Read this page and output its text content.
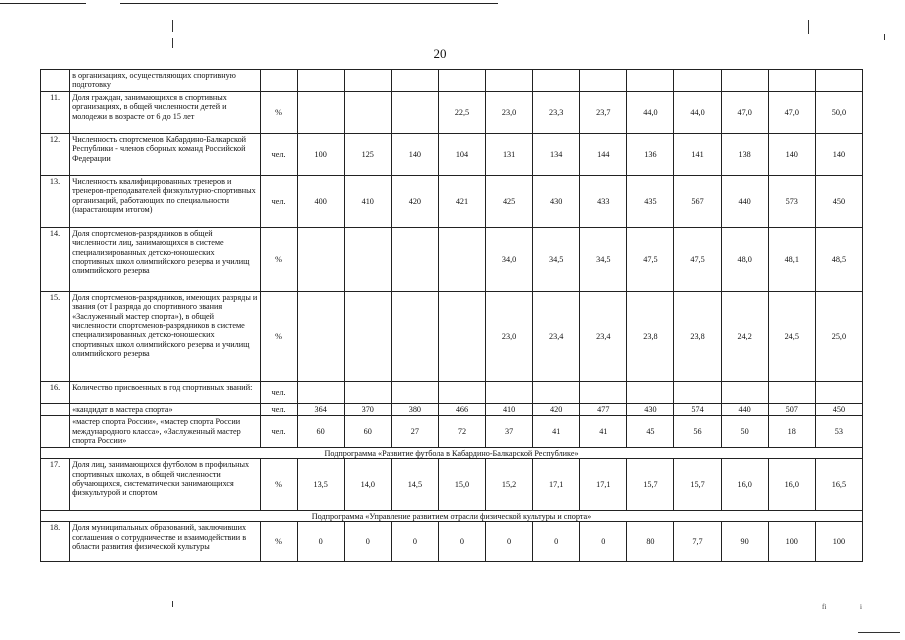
20
	в организациях, осуществляющих спортивную подготовку													
11.	Доля граждан, занимающихся в спортивных организациях, в общей численности детей и молодежи в возрасте от 6 до 15 лет	%				22,5	23,0	23,3	23,7	44,0	44,0	47,0	47,0	50,0
12.	Численность спортсменов Кабардино-Балкарской Республики - членов сборных команд Российской Федерации	чел.	100	125	140	104	131	134	144	136	141	138	140	140
13.	Численность квалифицированных тренеров и тренеров-преподавателей физкультурно-спортивных организаций, работающих по специальности (нарастающим итогом)	чел.	400	410	420	421	425	430	433	435	567	440	573	450
14.	Доля спортсменов-разрядников в общей численности лиц, занимающихся в системе специализированных детско-юношеских спортивных школ олимпийского резерва и училищ олимпийского резерва	%					34,0	34,5	34,5	47,5	47,5	48,0	48,1	48,5
15.	Доля спортсменов-разрядников, имеющих разряды и звания (от I разряда до спортивного звания «Заслуженный мастер спорта»), в общей численности спортсменов-разрядников в системе специализированных детско-юношеских спортивных школ олимпийского резерва и училищ олимпийского резерва	%					23,0	23,4	23,4	23,8	23,8	24,2	24,5	25,0
16.	Количество присвоенных в год спортивных званий:	чел.												
	«кандидат в мастера спорта»	чел.	364	370	380	466	410	420	477	430	574	440	507	450
	«мастер спорта России», «мастер спорта России международного класса», «Заслуженный мастер спорта России»	чел.	60	60	27	72	37	41	41	45	56	50	18	53
Подпрограмма «Развитие футбола в Кабардино-Балкарской Республике»														
17.	Доля лиц, занимающихся футболом в профильных спортивных школах, в общей численности обучающихся, систематически занимающихся физкультурой и спортом	%	13,5	14,0	14,5	15,0	15,2	17,1	17,1	15,7	15,7	16,0	16,0	16,5
Подпрограмма «Управление развитием отрасли физической культуры и спорта»														
18.	Доля муниципальных образований, заключивших соглашения о сотрудничестве и взаимодействии в области развития физической культуры	%	0	0	0	0	0	0	0	80	7,7	90	100	100
fi	i
